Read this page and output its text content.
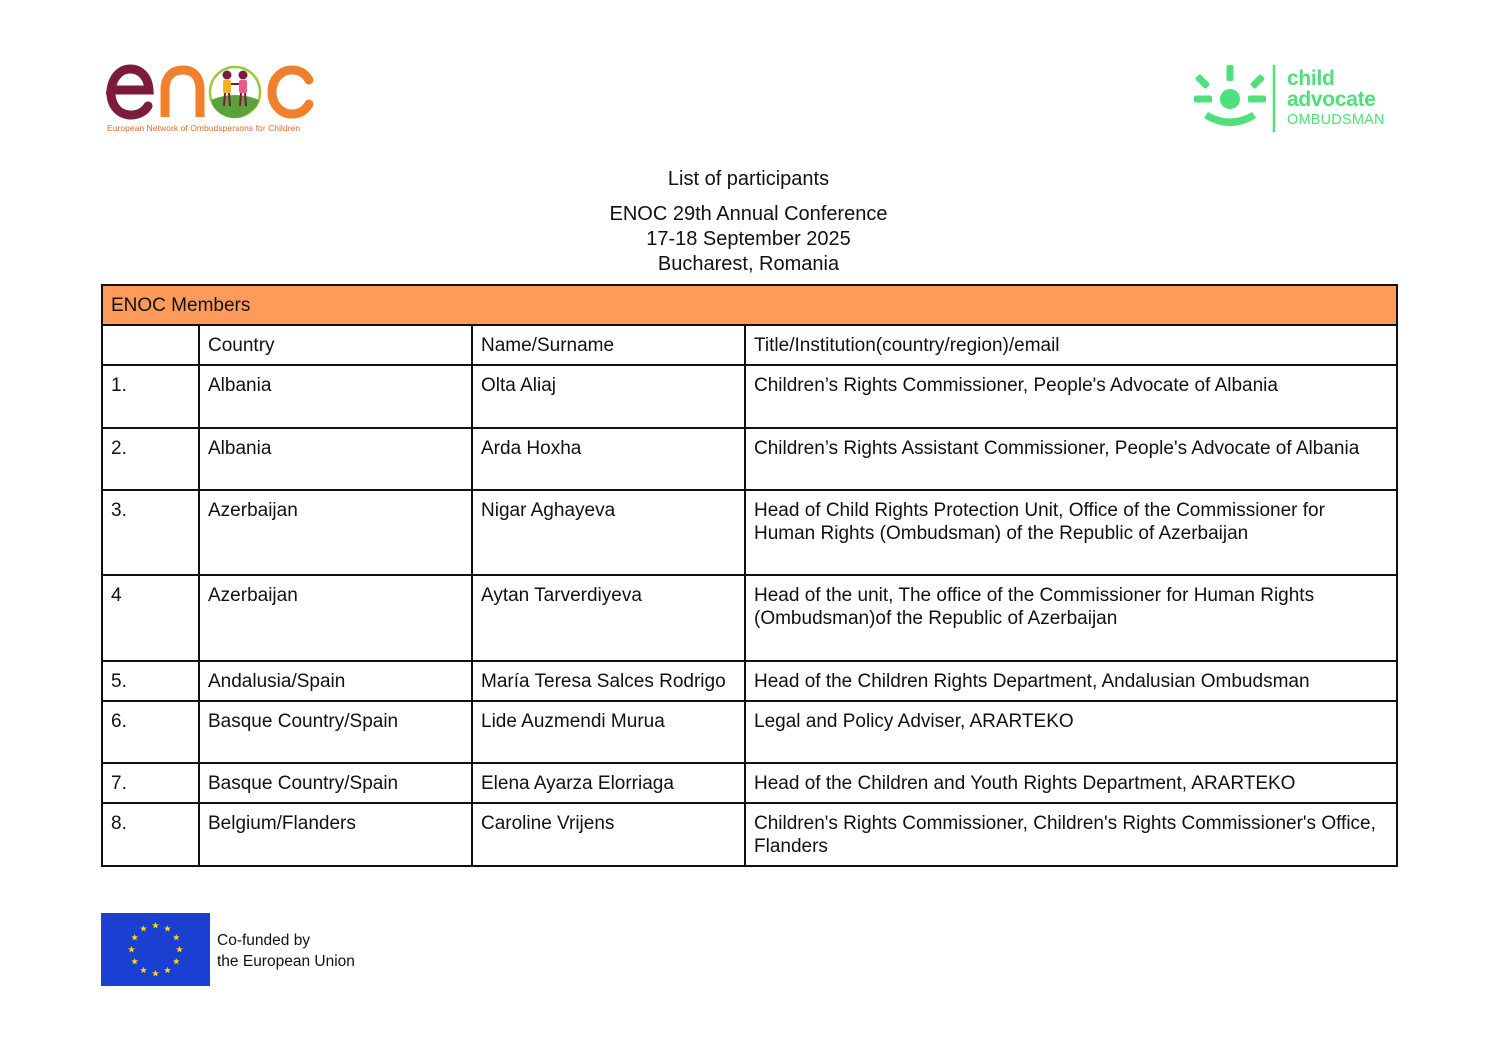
European Network of Ombudspersons for Children
child
advocate
OMBUDSMAN
List of participants
ENOC 29th Annual Conference
17-18 September 2025
Bucharest, Romania
ENOC Members			
	Country	Name/Surname	Title/Institution(country/region)/email
1.	Albania	Olta Aliaj	Children’s Rights Commissioner, People's Advocate of Albania
2.	Albania	Arda Hoxha	Children’s Rights Assistant Commissioner, People's Advocate of Albania
3.	Azerbaijan	Nigar Aghayeva	Head of Child Rights Protection Unit, Office of the Commissioner for Human Rights (Ombudsman) of the Republic of Azerbaijan
4	Azerbaijan	Aytan Tarverdiyeva	Head of the unit, The office of the Commissioner for Human Rights (Ombudsman)of the Republic of Azerbaijan
5.	Andalusia/Spain	María Teresa Salces Rodrigo	Head of the Children Rights Department, Andalusian Ombudsman
6.	Basque Country/Spain	Lide Auzmendi Murua	Legal and Policy Adviser, ARARTEKO
7.	Basque Country/Spain	Elena Ayarza Elorriaga	Head of the Children and Youth Rights Department, ARARTEKO
8.	Belgium/Flanders	Caroline Vrijens	Children's Rights Commissioner, Children's Rights Commissioner's Office, Flanders
Co-funded by
the European Union
